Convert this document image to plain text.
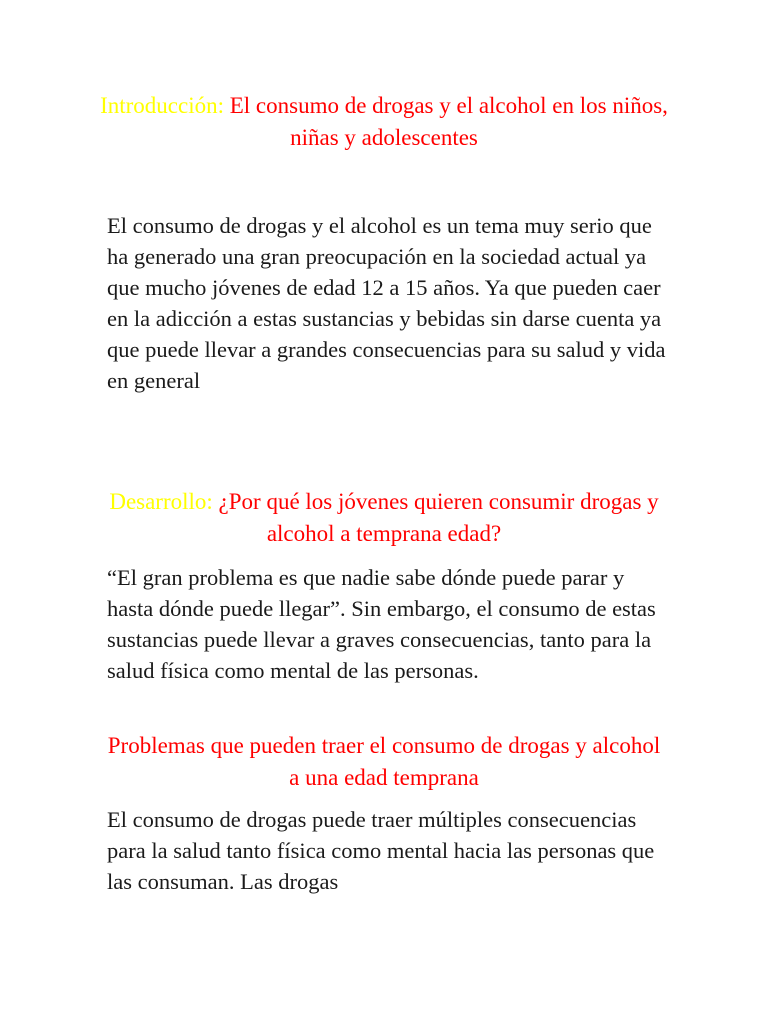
Introducción: El consumo de drogas y el alcohol en los niños, niñas y adolescentes

El consumo de drogas y el alcohol es un tema muy serio que ha generado una gran preocupación en la sociedad actual ya que mucho jóvenes de edad 12 a 15 años. Ya que pueden caer en la adicción a estas sustancias y bebidas sin darse cuenta ya que puede llevar a grandes consecuencias para su salud y vida en general

Desarrollo: ¿Por qué los jóvenes quieren consumir drogas y alcohol a temprana edad?

“El gran problema es que nadie sabe dónde puede parar y hasta dónde puede llegar”. Sin embargo, el consumo de estas sustancias puede llevar a graves consecuencias, tanto para la salud física como mental de las personas.

Problemas que pueden traer el consumo de drogas y alcohol a una edad temprana

El consumo de drogas puede traer múltiples consecuencias para la salud tanto física como mental hacia las personas que las consuman. Las drogas
